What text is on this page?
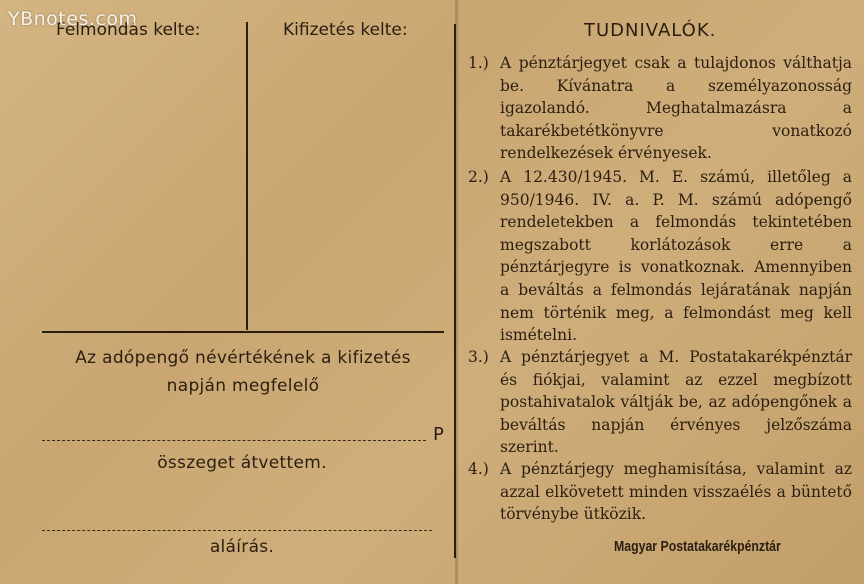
Felmondás kelte:	Kifizetés kelte:
Az adópengő névértékének a kifizetés
napján megfelelő
P
összeget átvettem.
aláírás.
TUDNIVALÓK.
1.) A pénztárjegyet csak a tulajdonos válthatja be. Kívánatra a személyazonosság igazolandó. Meghatalmazásra a takarékbetétkönyvre vonatkozó rendelkezések érvényesek.
2.) A 12.430/1945. M. E. számú, illetőleg a 950/1946. IV. a. P. M. számú adópengő rendeletekben a felmondás tekintetében megszabott korlátozások erre a pénztárjegyre is vonatkoznak. Amennyiben a beváltás a felmondás lejáratának napján nem történik meg, a felmondást meg kell ismételni.
3.) A pénztárjegyet a M. Postatakarékpénztár és fiókjai, valamint az ezzel megbízott postahivatalok váltják be, az adópengőnek a beváltás napján érvényes jelzőszáma szerint.
4.) A pénztárjegy meghamisítása, valamint az azzal elkövetett minden visszaélés a büntető törvénybe ütközik.
Magyar Postatakarékpénztár
YBnotes.com
